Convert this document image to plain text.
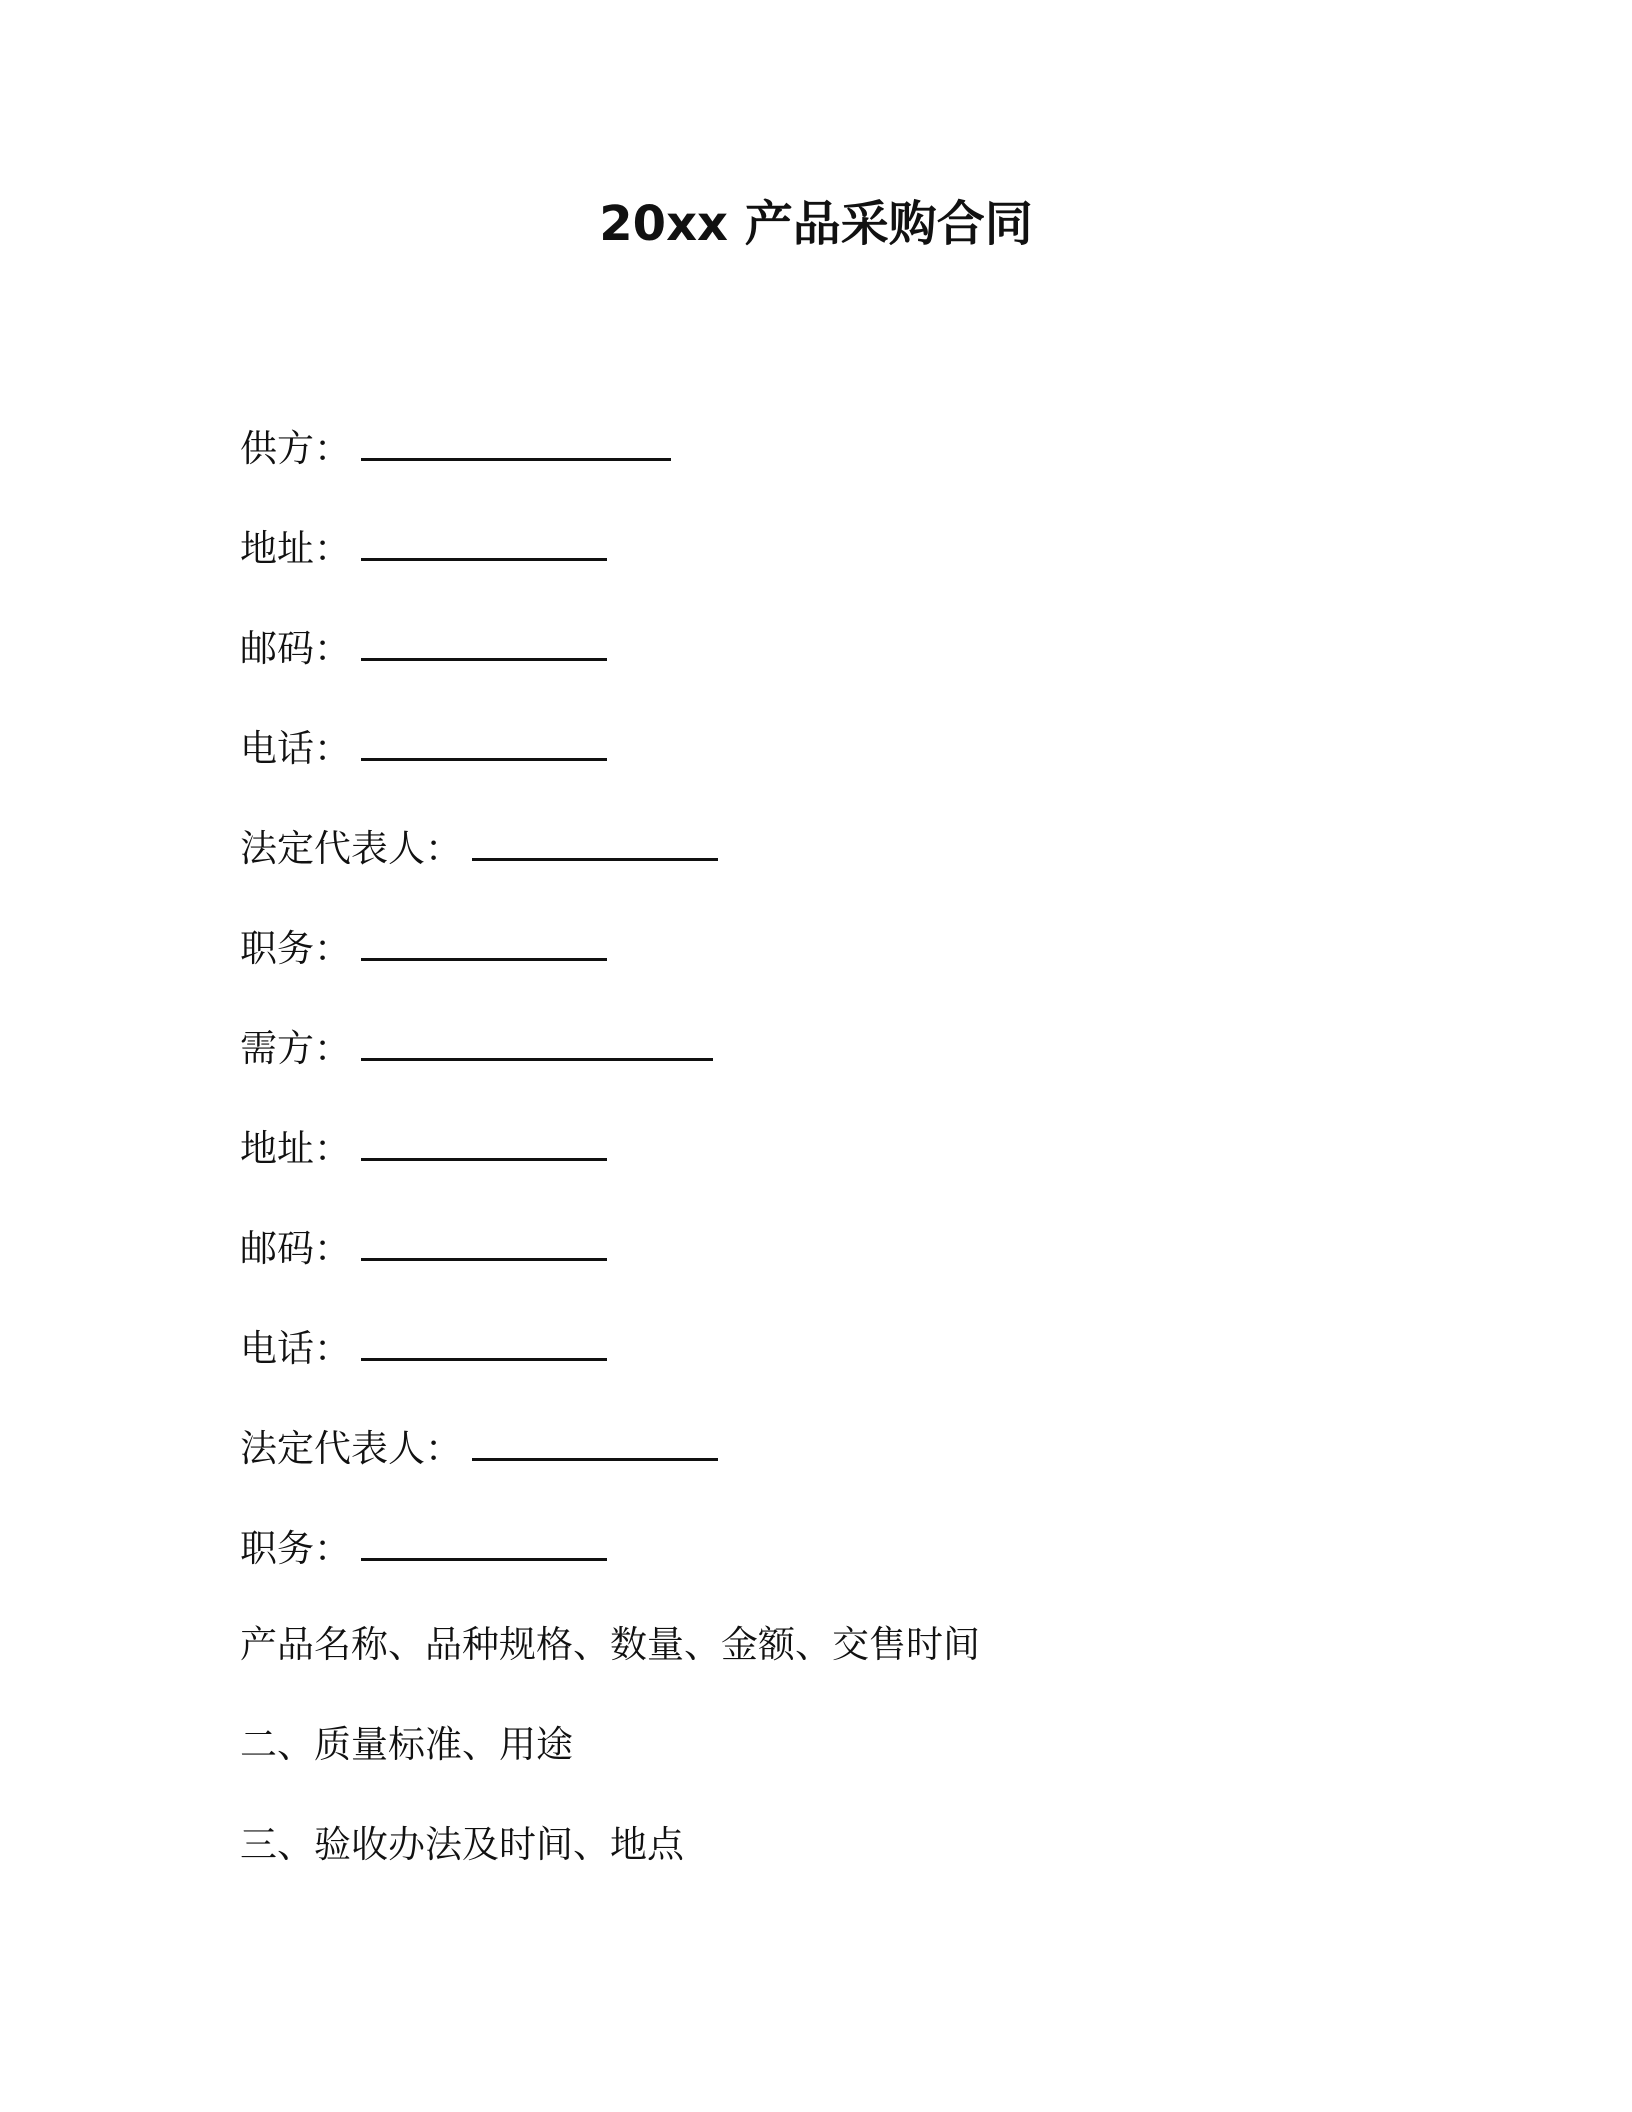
20xx 产品采购合同
供方：
地址：
邮码：
电话：
法定代表人：
职务：
需方：
地址：
邮码：
电话：
法定代表人：
职务：
产品名称、品种规格、数量、金额、交售时间
二、质量标准、用途
三、验收办法及时间、地点
